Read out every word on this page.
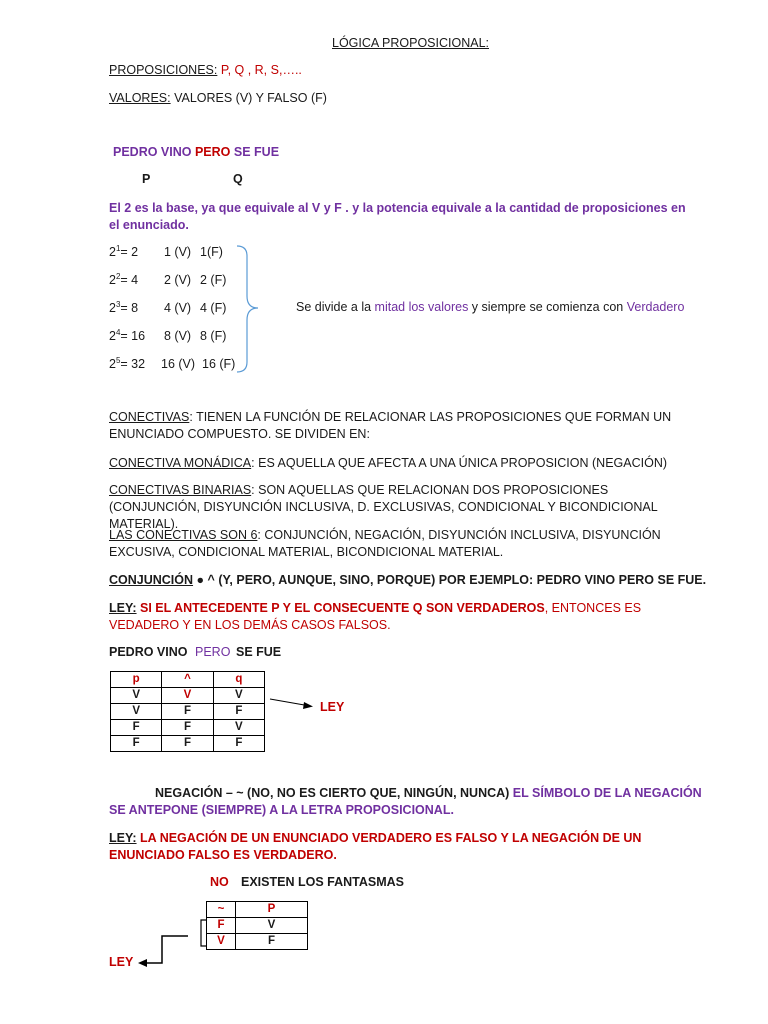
LÓGICA PROPOSICIONAL:
PROPOSICIONES: P, Q , R, S,…..
VALORES: VALORES (V) Y FALSO (F)
PEDRO VINO PERO SE FUE
P	Q
El 2 es la base, ya que equivale al V y F . y la potencia equivale a la cantidad de proposiciones en el enunciado.
$2^1= 2$ 1 (V) 1(F)
$2^2= 4$ 2 (V) 2 (F)
$2^3= 8$ 4 (V) 4 (F)
$2^4= 16$ 8 (V) 8 (F)
$2^5= 32$ 16 (V) 16 (F)
Se divide a la mitad los valores y siempre se comienza con Verdadero
CONECTIVAS: TIENEN LA FUNCIÓN DE RELACIONAR LAS PROPOSICIONES QUE FORMAN UN ENUNCIADO COMPUESTO. SE DIVIDEN EN:
CONECTIVA MONÁDICA: ES AQUELLA QUE AFECTA A UNA ÚNICA PROPOSICION (NEGACIÓN)
CONECTIVAS BINARIAS: SON AQUELLAS QUE RELACIONAN DOS PROPOSICIONES (CONJUNCIÓN, DISYUNCIÓN INCLUSIVA, D. EXCLUSIVAS, CONDICIONAL Y BICONDICIONAL MATERIAL).
LAS CONECTIVAS SON 6: CONJUNCIÓN, NEGACIÓN, DISYUNCIÓN INCLUSIVA, DISYUNCIÓN EXCUSIVA, CONDICIONAL MATERIAL, BICONDICIONAL MATERIAL.
CONJUNCIÓN ● ^ (Y, PERO, AUNQUE, SINO, PORQUE) POR EJEMPLO: PEDRO VINO PERO SE FUE.
LEY: SI EL ANTECEDENTE P Y EL CONSECUENTE Q SON VERDADEROS, ENTONCES ES VEDADERO Y EN LOS DEMÁS CASOS FALSOS.
PEDRO VINO PERO SE FUE
p	^	q
V	V	V
V	F	F
F	F	V
F	F	F
LEY
NEGACIÓN – ~ (NO, NO ES CIERTO QUE, NINGÚN, NUNCA) EL SÍMBOLO DE LA NEGACIÓN SE ANTEPONE (SIEMPRE) A LA LETRA PROPOSICIONAL.
LEY: LA NEGACIÓN DE UN ENUNCIADO VERDADERO ES FALSO Y LA NEGACIÓN DE UN ENUNCIADO FALSO ES VERDADERO.
NO EXISTEN LOS FANTASMAS
~	P
F	V
V	F
LEY
